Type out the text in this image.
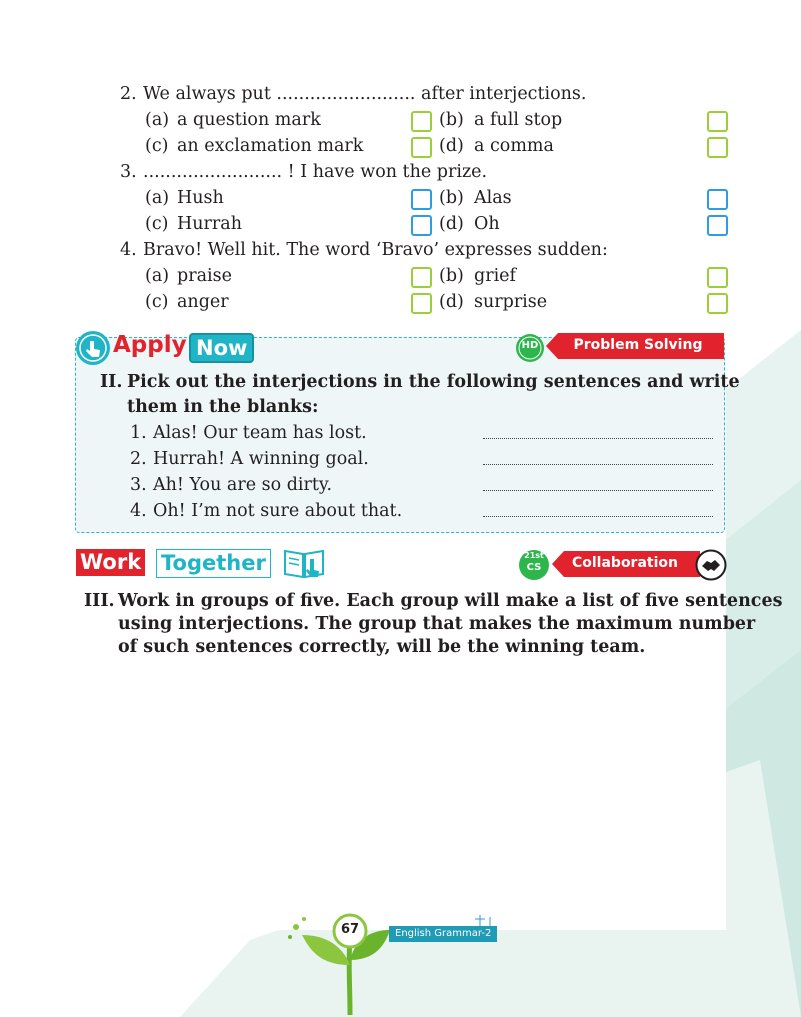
2. We always put ......................... after interjections.
(a) a question mark	(b) a full stop
(c) an exclamation mark	(d) a comma
3. ......................... ! I have won the prize.
(a) Hush	(b) Alas
(c) Hurrah	(d) Oh
4. Bravo! Well hit. The word ‘Bravo’ expresses sudden:
(a) praise	(b) grief
(c) anger	(d) surprise
Apply Now	HD	Problem Solving
II. Pick out the interjections in the following sentences and write
them in the blanks:
1. Alas! Our team has lost.
2. Hurrah! A winning goal.
3. Ah! You are so dirty.
4. Oh! I’m not sure about that.
Work Together	21st
CS	Collaboration
III. Work in groups of five. Each group will make a list of five sentences
using interjections. The group that makes the maximum number
of such sentences correctly, will be the winning team.
67	English Grammar-2
